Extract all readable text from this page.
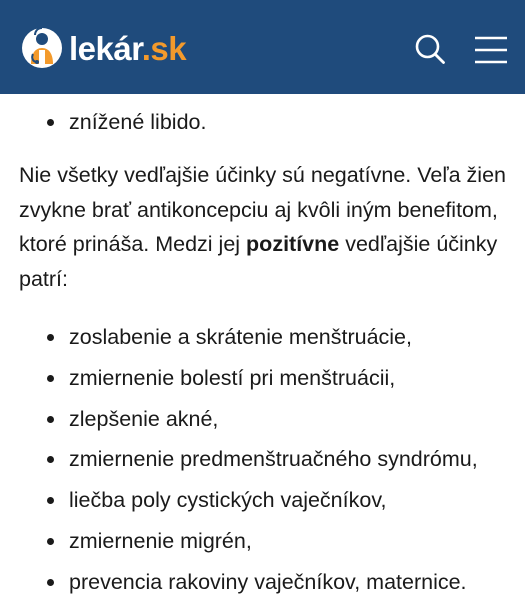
lekár.sk
znížené libido.

Nie všetky vedľajšie účinky sú negatívne. Veľa žien zvykne brať antikoncepciu aj kvôli iným benefitom, ktoré prináša. Medzi jej pozitívne vedľajšie účinky patrí:

zoslabenie a skrátenie menštruácie,
zmiernenie bolestí pri menštruácii,
zlepšenie akné,
zmiernenie predmenštruačného syndrómu,
liečba poly cystických vaječníkov,
zmiernenie migrén,
prevencia rakoviny vaječníkov, maternice.
